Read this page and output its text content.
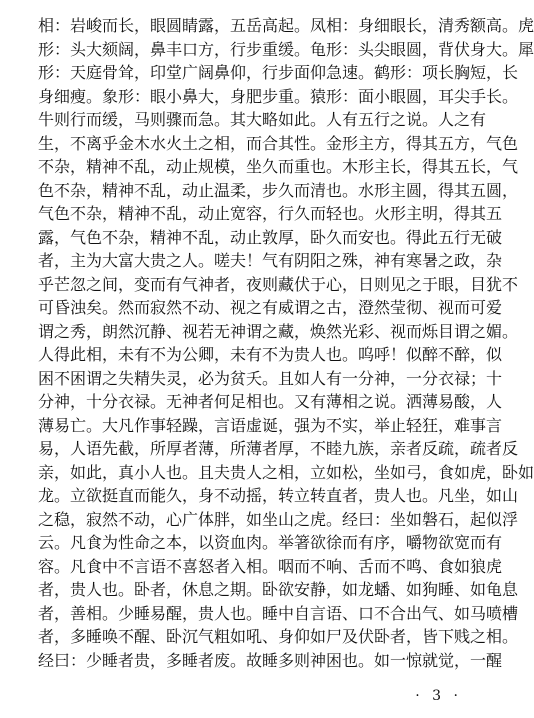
相：岩峻而长，眼圆睛露，五岳高起。凤相：身细眼长，清秀额高。虎
形：头大颏阔，鼻丰口方，行步重缓。龟形：头尖眼圆，背伏身大。犀
形：天庭骨耸，印堂广阔鼻仰，行步面仰急速。鹤形：项长胸短，长
身细瘦。象形：眼小鼻大，身肥步重。猿形：面小眼圆，耳尖手长。
牛则行而缓，马则骤而急。其大略如此。人有五行之说。人之有
生，不离乎金木水火土之相，而合其性。金形主方，得其五方，气色
不杂，精神不乱，动止规模，坐久而重也。木形主长，得其五长，气
色不杂，精神不乱，动止温柔，步久而清也。水形主圆，得其五圆，
气色不杂，精神不乱，动止宽容，行久而轻也。火形主明，得其五
露，气色不杂，精神不乱，动止敦厚，卧久而安也。得此五行无破
者，主为大富大贵之人。嗟夫！气有阴阳之殊，神有寒暑之政，杂
乎芒忽之间，变而有气神者，夜则藏伏于心，日则见之于眼，目犹不
可昏浊矣。然而寂然不动、视之有威谓之古，澄然莹彻、视而可爱
谓之秀，朗然沉静、视若无神谓之藏，焕然光彩、视而烁目谓之媚。
人得此相，未有不为公卿，未有不为贵人也。呜呼！似醉不醉，似
困不困谓之失精失灵，必为贫夭。且如人有一分神，一分衣禄；十
分神，十分衣禄。无神者何足相也。又有薄相之说。洒薄易酸，人
薄易亡。大凡作事轻躁，言语虚诞，强为不实，举止轻狂，难事言
易，人语先截，所厚者薄，所薄者厚，不睦九族，亲者反疏，疏者反
亲，如此，真小人也。且夫贵人之相，立如松，坐如弓，食如虎，卧如
龙。立欲挺直而能久，身不动摇，转立转直者，贵人也。凡坐，如山
之稳，寂然不动，心广体胖，如坐山之虎。经曰：坐如磐石，起似浮
云。凡食为性命之本，以资血肉。举箸欲徐而有序，嚼物欲宽而有
容。凡食中不言语不喜怒者入相。咽而不响、舌而不鸣、食如狼虎
者，贵人也。卧者，休息之期。卧欲安静，如龙蟠、如狗睡、如龟息
者，善相。少睡易醒，贵人也。睡中自言语、口不合出气、如马喷槽
者，多睡唤不醒、卧沉气粗如吼、身仰如尸及伏卧者，皆下贱之相。
经曰：少睡者贵，多睡者废。故睡多则神困也。如一惊就觉，一醒
· 3 ·
